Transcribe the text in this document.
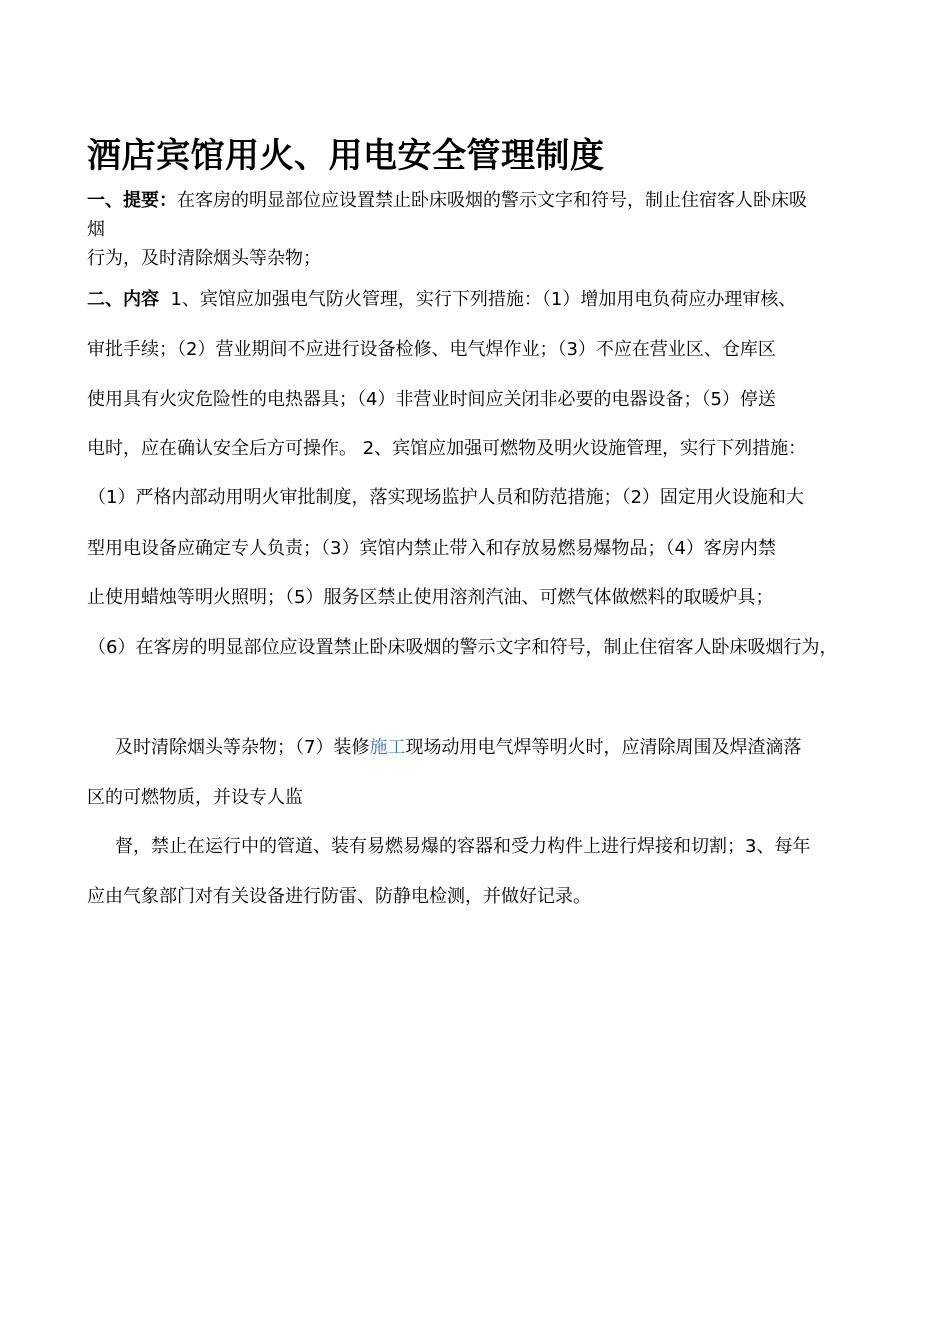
酒店宾馆用火、用电安全管理制度
一、提要：在客房的明显部位应设置禁止卧床吸烟的警示文字和符号，制止住宿客人卧床吸
烟
行为，及时清除烟头等杂物；
二、内容 1、宾馆应加强电气防火管理，实行下列措施：（1）增加用电负荷应办理审核、
审批手续；（2）营业期间不应进行设备检修、电气焊作业；（3）不应在营业区、仓库区
使用具有火灾危险性的电热器具；（4）非营业时间应关闭非必要的电器设备；（5）停送
电时，应在确认安全后方可操作。 2、宾馆应加强可燃物及明火设施管理，实行下列措施：
（1）严格内部动用明火审批制度，落实现场监护人员和防范措施；（2）固定用火设施和大
型用电设备应确定专人负责；（3）宾馆内禁止带入和存放易燃易爆物品；（4）客房内禁
止使用蜡烛等明火照明；（5）服务区禁止使用溶剂汽油、可燃气体做燃料的取暖炉具；
（6）在客房的明显部位应设置禁止卧床吸烟的警示文字和符号，制止住宿客人卧床吸烟行为，
及时清除烟头等杂物；（7）装修施工现场动用电气焊等明火时，应清除周围及焊渣滴落
区的可燃物质，并设专人监
督，禁止在运行中的管道、装有易燃易爆的容器和受力构件上进行焊接和切割；3、每年
应由气象部门对有关设备进行防雷、防静电检测，并做好记录。
